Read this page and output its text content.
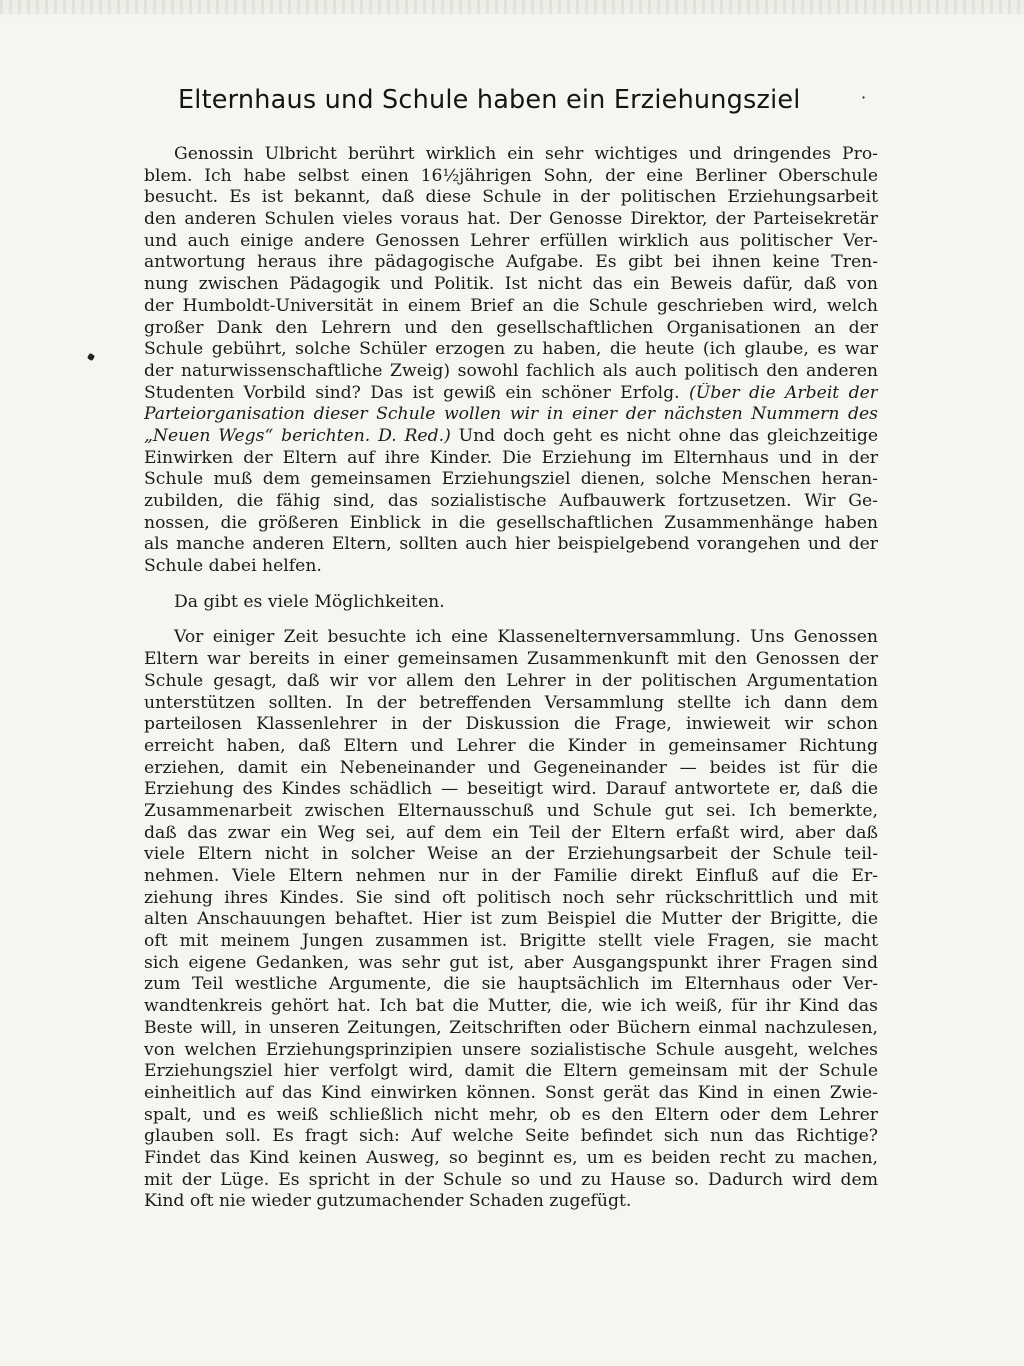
Elternhaus und Schule haben ein Erziehungsziel	·
Genossin Ulbricht berührt wirklich ein sehr wichtiges und dringendes Pro-
blem. Ich habe selbst einen 16½jährigen Sohn, der eine Berliner Oberschule
besucht. Es ist bekannt, daß diese Schule in der politischen Erziehungsarbeit
den anderen Schulen vieles voraus hat. Der Genosse Direktor, der Parteisekretär
und auch einige andere Genossen Lehrer erfüllen wirklich aus politischer Ver-
antwortung heraus ihre pädagogische Aufgabe. Es gibt bei ihnen keine Tren-
nung zwischen Pädagogik und Politik. Ist nicht das ein Beweis dafür, daß von
der Humboldt-Universität in einem Brief an die Schule geschrieben wird, welch
großer Dank den Lehrern und den gesellschaftlichen Organisationen an der
Schule gebührt, solche Schüler erzogen zu haben, die heute (ich glaube, es war
der naturwissenschaftliche Zweig) sowohl fachlich als auch politisch den anderen
Studenten Vorbild sind? Das ist gewiß ein schöner Erfolg. (Über die Arbeit der
Parteiorganisation dieser Schule wollen wir in einer der nächsten Nummern des
„Neuen Wegs“ berichten. D. Red.) Und doch geht es nicht ohne das gleichzeitige
Einwirken der Eltern auf ihre Kinder. Die Erziehung im Elternhaus und in der
Schule muß dem gemeinsamen Erziehungsziel dienen, solche Menschen heran-
zubilden, die fähig sind, das sozialistische Aufbauwerk fortzusetzen. Wir Ge-
nossen, die größeren Einblick in die gesellschaftlichen Zusammenhänge haben
als manche anderen Eltern, sollten auch hier beispielgebend vorangehen und der
Schule dabei helfen.
Da gibt es viele Möglichkeiten.
Vor einiger Zeit besuchte ich eine Klassenelternversammlung. Uns Genossen
Eltern war bereits in einer gemeinsamen Zusammenkunft mit den Genossen der
Schule gesagt, daß wir vor allem den Lehrer in der politischen Argumentation
unterstützen sollten. In der betreffenden Versammlung stellte ich dann dem
parteilosen Klassenlehrer in der Diskussion die Frage, inwieweit wir schon
erreicht haben, daß Eltern und Lehrer die Kinder in gemeinsamer Richtung
erziehen, damit ein Nebeneinander und Gegeneinander — beides ist für die
Erziehung des Kindes schädlich — beseitigt wird. Darauf antwortete er, daß die
Zusammenarbeit zwischen Elternausschuß und Schule gut sei. Ich bemerkte,
daß das zwar ein Weg sei, auf dem ein Teil der Eltern erfaßt wird, aber daß
viele Eltern nicht in solcher Weise an der Erziehungsarbeit der Schule teil-
nehmen. Viele Eltern nehmen nur in der Familie direkt Einfluß auf die Er-
ziehung ihres Kindes. Sie sind oft politisch noch sehr rückschrittlich und mit
alten Anschauungen behaftet. Hier ist zum Beispiel die Mutter der Brigitte, die
oft mit meinem Jungen zusammen ist. Brigitte stellt viele Fragen, sie macht
sich eigene Gedanken, was sehr gut ist, aber Ausgangspunkt ihrer Fragen sind
zum Teil westliche Argumente, die sie hauptsächlich im Elternhaus oder Ver-
wandtenkreis gehört hat. Ich bat die Mutter, die, wie ich weiß, für ihr Kind das
Beste will, in unseren Zeitungen, Zeitschriften oder Büchern einmal nachzulesen,
von welchen Erziehungsprinzipien unsere sozialistische Schule ausgeht, welches
Erziehungsziel hier verfolgt wird, damit die Eltern gemeinsam mit der Schule
einheitlich auf das Kind einwirken können. Sonst gerät das Kind in einen Zwie-
spalt, und es weiß schließlich nicht mehr, ob es den Eltern oder dem Lehrer
glauben soll. Es fragt sich: Auf welche Seite befindet sich nun das Richtige?
Findet das Kind keinen Ausweg, so beginnt es, um es beiden recht zu machen,
mit der Lüge. Es spricht in der Schule so und zu Hause so. Dadurch wird dem
Kind oft nie wieder gutzumachender Schaden zugefügt.
